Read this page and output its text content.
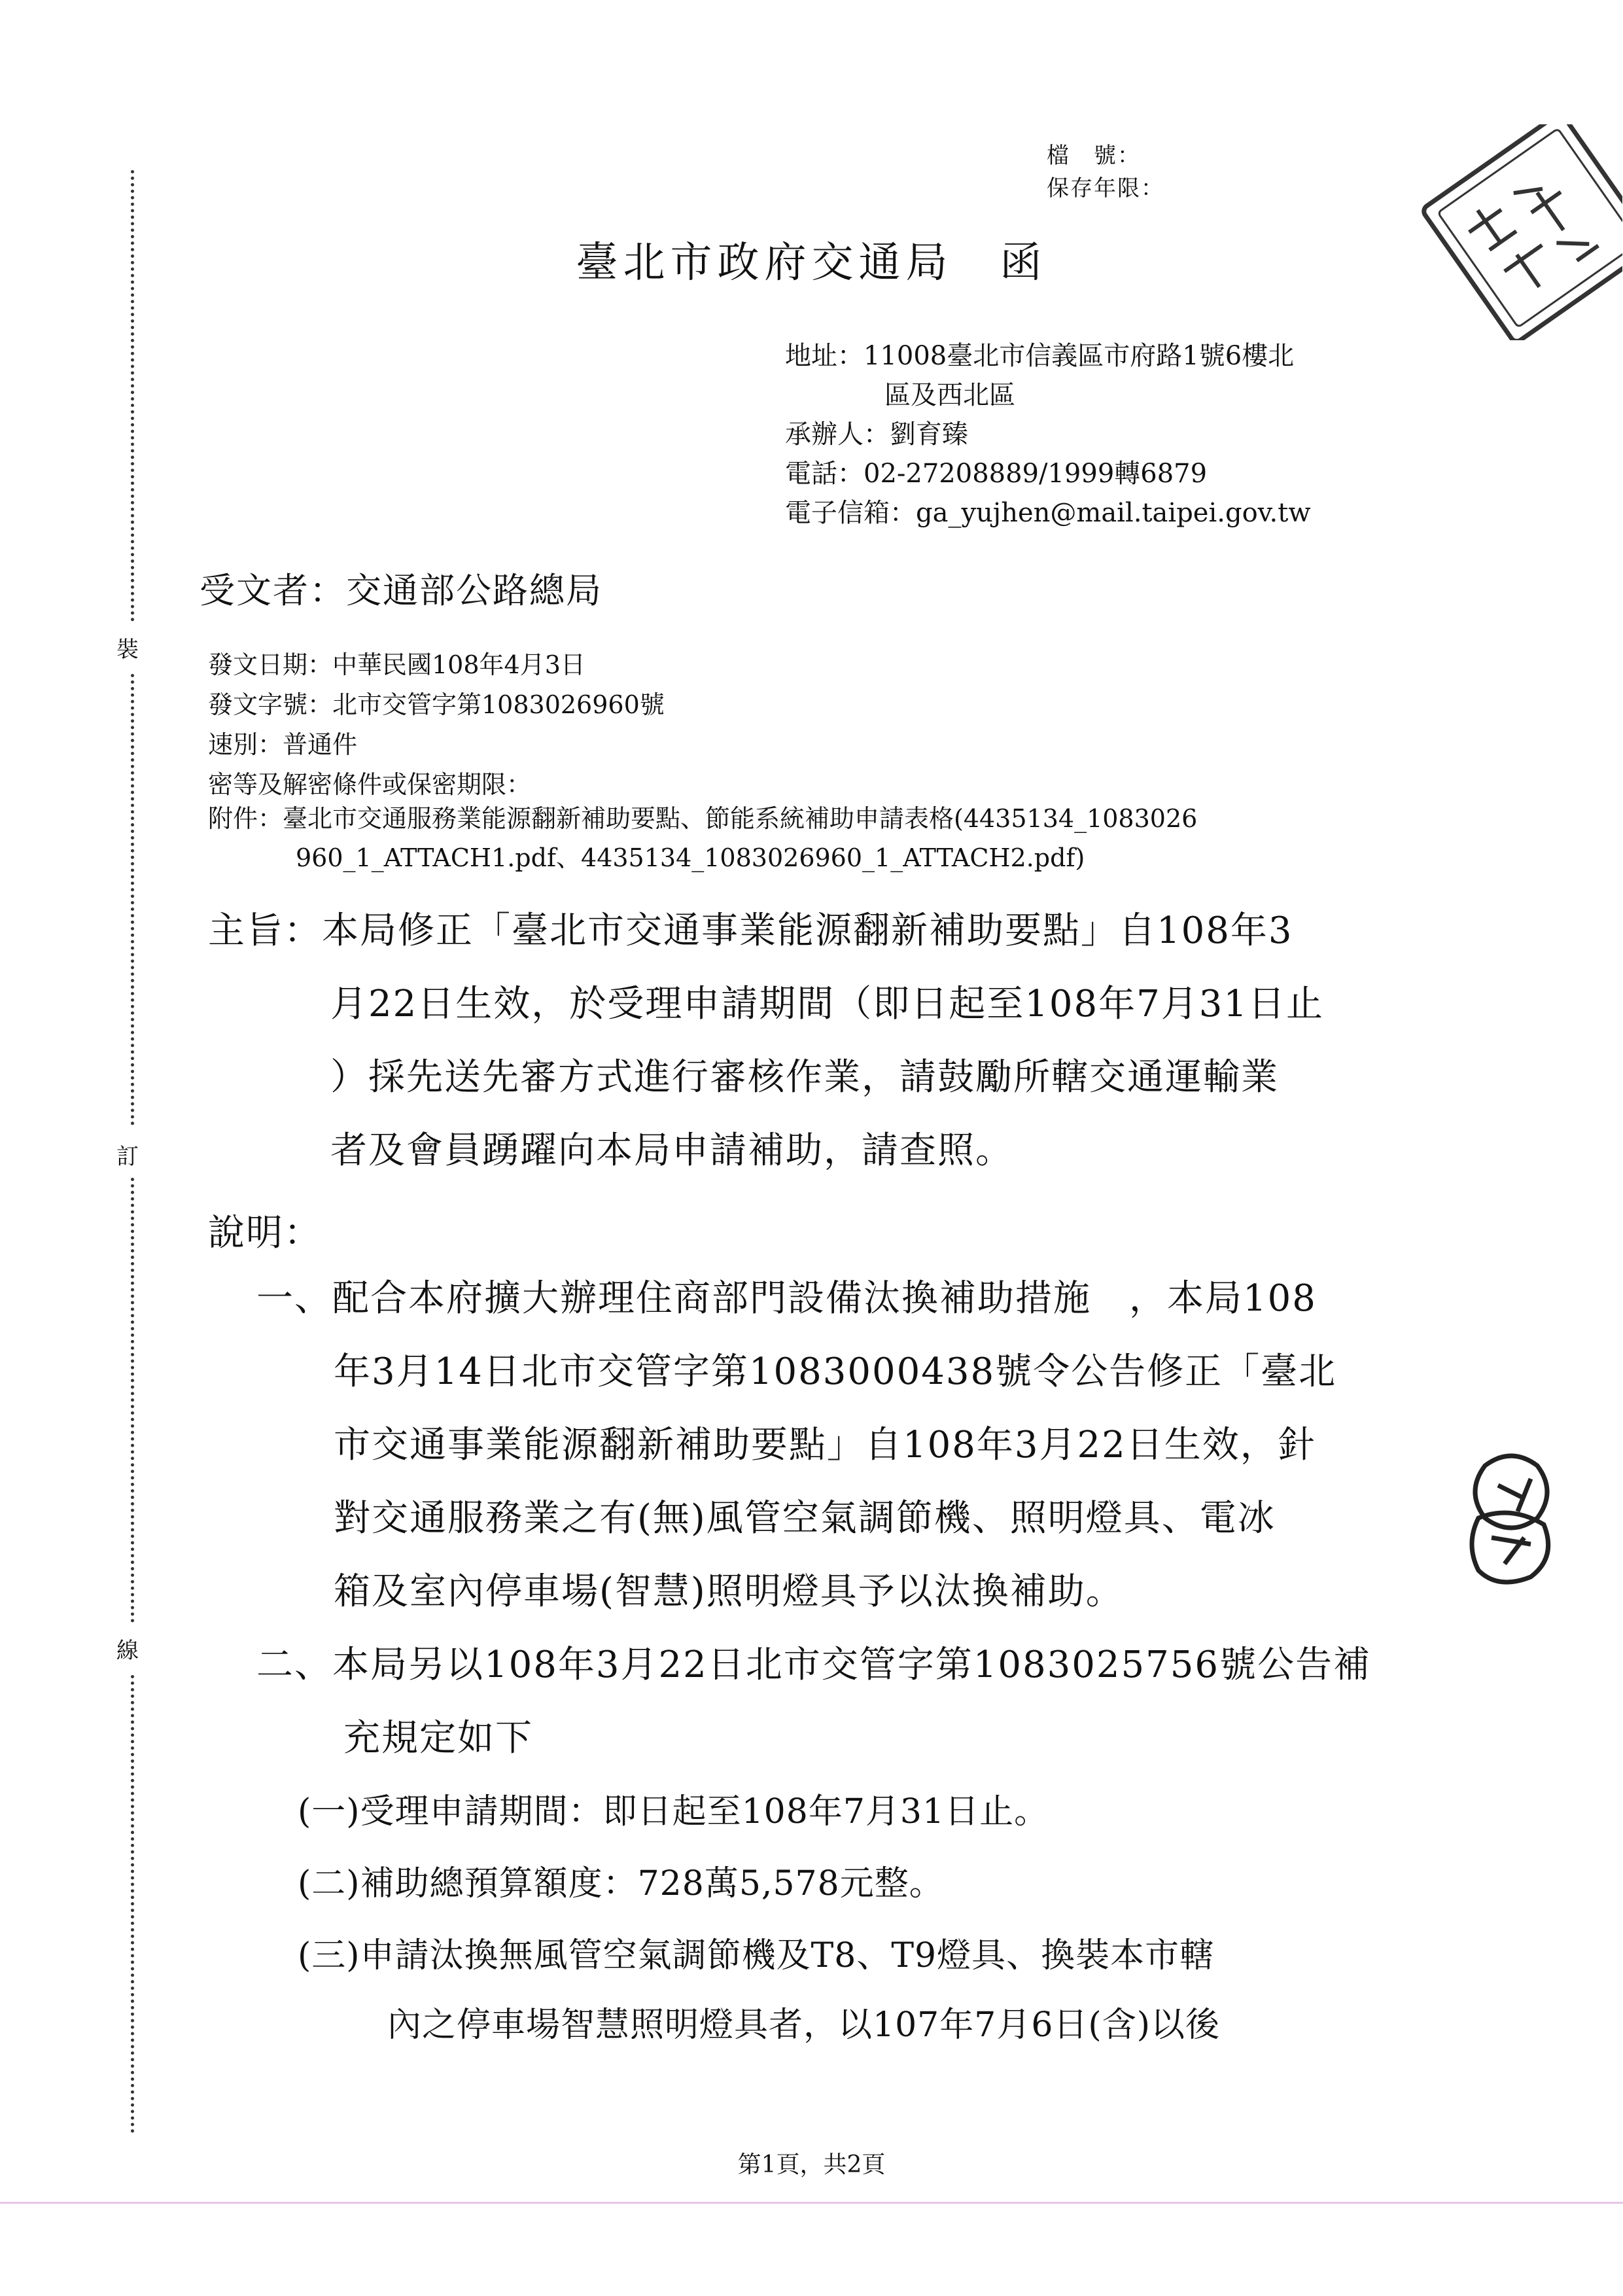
裝
訂
線
檔　號：
保存年限：
臺北市政府交通局　函
地址：11008臺北市信義區市府路1號6樓北
區及西北區
承辦人：劉育臻
電話：02-27208889/1999轉6879
電子信箱：ga_yujhen@mail.taipei.gov.tw
受文者：交通部公路總局
發文日期：中華民國108年4月3日
發文字號：北市交管字第1083026960號
速別：普通件
密等及解密條件或保密期限：
附件：臺北市交通服務業能源翻新補助要點、節能系統補助申請表格(4435134_1083026
960_1_ATTACH1.pdf、4435134_1083026960_1_ATTACH2.pdf)
主旨：本局修正「臺北市交通事業能源翻新補助要點」自108年3
月22日生效，於受理申請期間（即日起至108年7月31日止
）採先送先審方式進行審核作業，請鼓勵所轄交通運輸業
者及會員踴躍向本局申請補助，請查照。
說明：
一、配合本府擴大辦理住商部門設備汰換補助措施　，本局108
年3月14日北市交管字第1083000438號令公告修正「臺北
市交通事業能源翻新補助要點」自108年3月22日生效，針
對交通服務業之有(無)風管空氣調節機、照明燈具、電冰
箱及室內停車場(智慧)照明燈具予以汰換補助。
二、本局另以108年3月22日北市交管字第1083025756號公告補
充規定如下
(一)受理申請期間：即日起至108年7月31日止。
(二)補助總預算額度：728萬5,578元整。
(三)申請汰換無風管空氣調節機及T8、T9燈具、換裝本市轄
內之停車場智慧照明燈具者，以107年7月6日(含)以後
第1頁，共2頁
